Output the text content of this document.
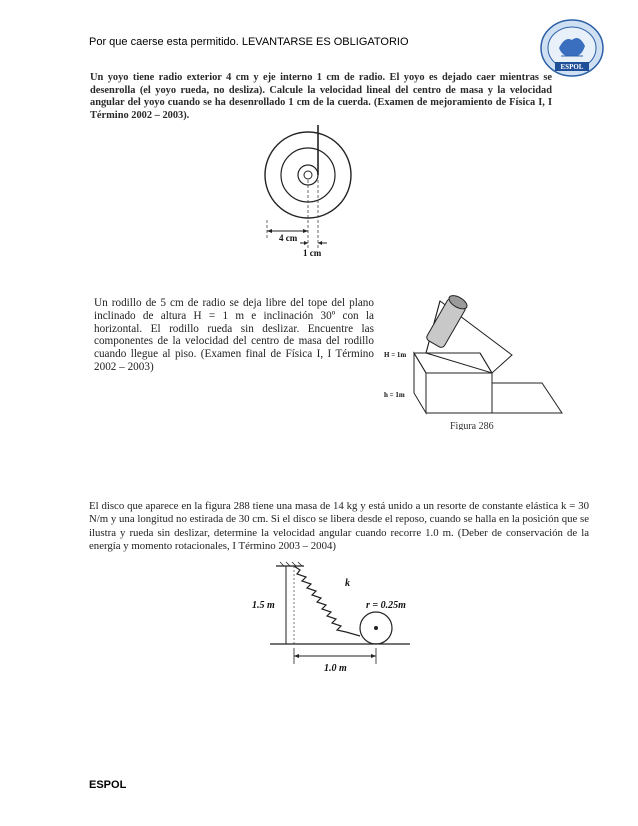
Por que caerse esta permitido. LEVANTARSE ES OBLIGATORIO
ESPOL
Un yoyo tiene radio exterior 4 cm y eje interno 1 cm de radio. El yoyo es dejado caer mientras se desenrolla (el yoyo rueda, no desliza). Calcule la velocidad lineal del centro de masa y la velocidad angular del yoyo cuando se ha desenrollado 1 cm de la cuerda. (Examen de mejoramiento de Física I, I Término 2002 – 2003).
4 cm
1 cm
Un rodillo de 5 cm de radio se deja libre del tope del plano inclinado de altura H = 1 m e inclinación 30º con la horizontal. El rodillo rueda sin deslizar. Encuentre las componentes de la velocidad del centro de masa del rodillo cuando llegue al piso. (Examen final de Física I, I Término 2002 – 2003)
H = 1m
h = 1m
Figura 286
El disco que aparece en la figura 288 tiene una masa de 14 kg y está unido a un resorte de constante elástica k = 30 N/m y una longitud no estirada de 30 cm. Si el disco se libera desde el reposo, cuando se halla en la posición que se ilustra y rueda sin deslizar, determine la velocidad angular cuando recorre 1.0 m. (Deber de conservación de la energía y momento rotacionales, I Término 2003 – 2004)
k
1.5 m	r = 0.25m
1.0 m
ESPOL
